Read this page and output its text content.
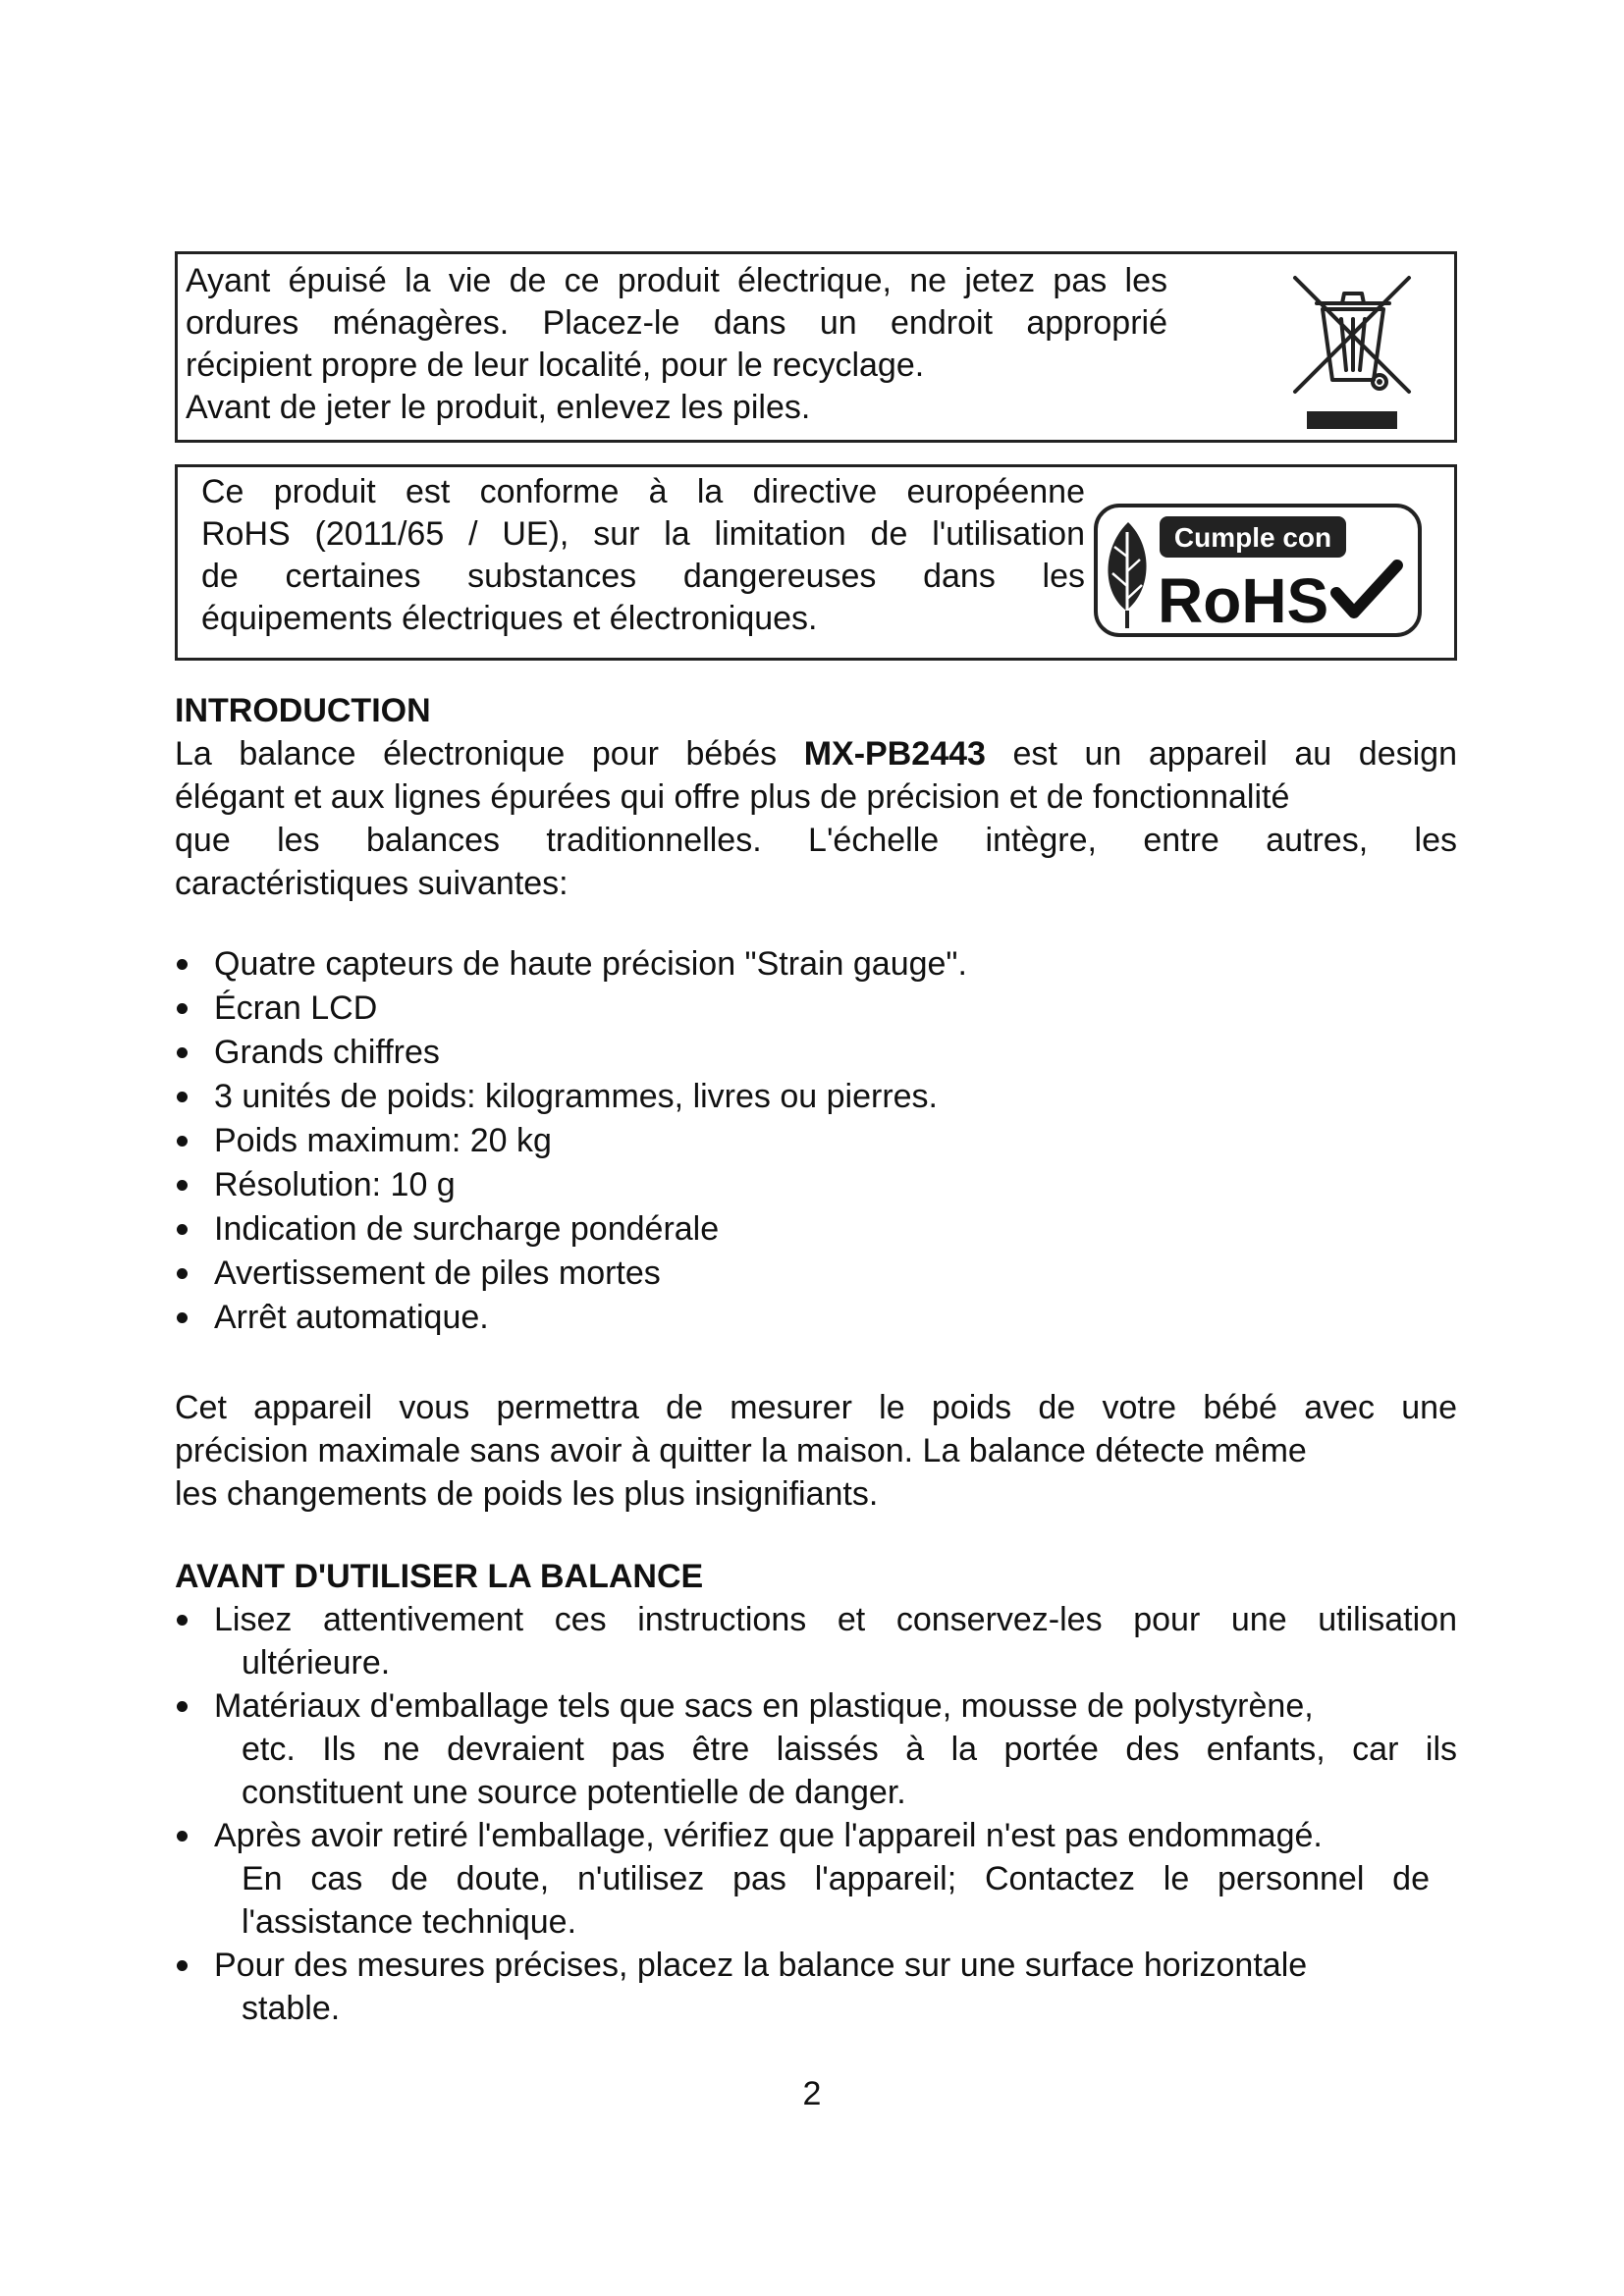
Ayant épuisé la vie de ce produit électrique, ne jetez pas les
ordures ménagères. Placez-le dans un endroit approprié
récipient propre de leur localité, pour le recyclage.
Avant de jeter le produit, enlevez les piles.
Ce produit est conforme à la directive européenne
RoHS (2011/65 / UE), sur la limitation de l'utilisation
de certaines substances dangereuses dans les
équipements électriques et électroniques.
Cumple con
RoHS
INTRODUCTION
La balance électronique pour bébés MX-PB2443 est un appareil au design
élégant et aux lignes épurées qui offre plus de précision et de fonctionnalité
que les balances traditionnelles. L'échelle intègre, entre autres, les
caractéristiques suivantes:
Quatre capteurs de haute précision "Strain gauge".
Écran LCD
Grands chiffres
3 unités de poids: kilogrammes, livres ou pierres.
Poids maximum: 20 kg
Résolution: 10 g
Indication de surcharge pondérale
Avertissement de piles mortes
Arrêt automatique.
Cet appareil vous permettra de mesurer le poids de votre bébé avec une
précision maximale sans avoir à quitter la maison. La balance détecte même
les changements de poids les plus insignifiants.
AVANT D'UTILISER LA BALANCE
Lisez attentivement ces instructions et conservez-les pour une utilisation
ultérieure.
Matériaux d'emballage tels que sacs en plastique, mousse de polystyrène,
etc. Ils ne devraient pas être laissés à la portée des enfants, car ils
constituent une source potentielle de danger.
Après avoir retiré l'emballage, vérifiez que l'appareil n'est pas endommagé.
En cas de doute, n'utilisez pas l'appareil; Contactez le personnel de
l'assistance technique.
Pour des mesures précises, placez la balance sur une surface horizontale
stable.
2
